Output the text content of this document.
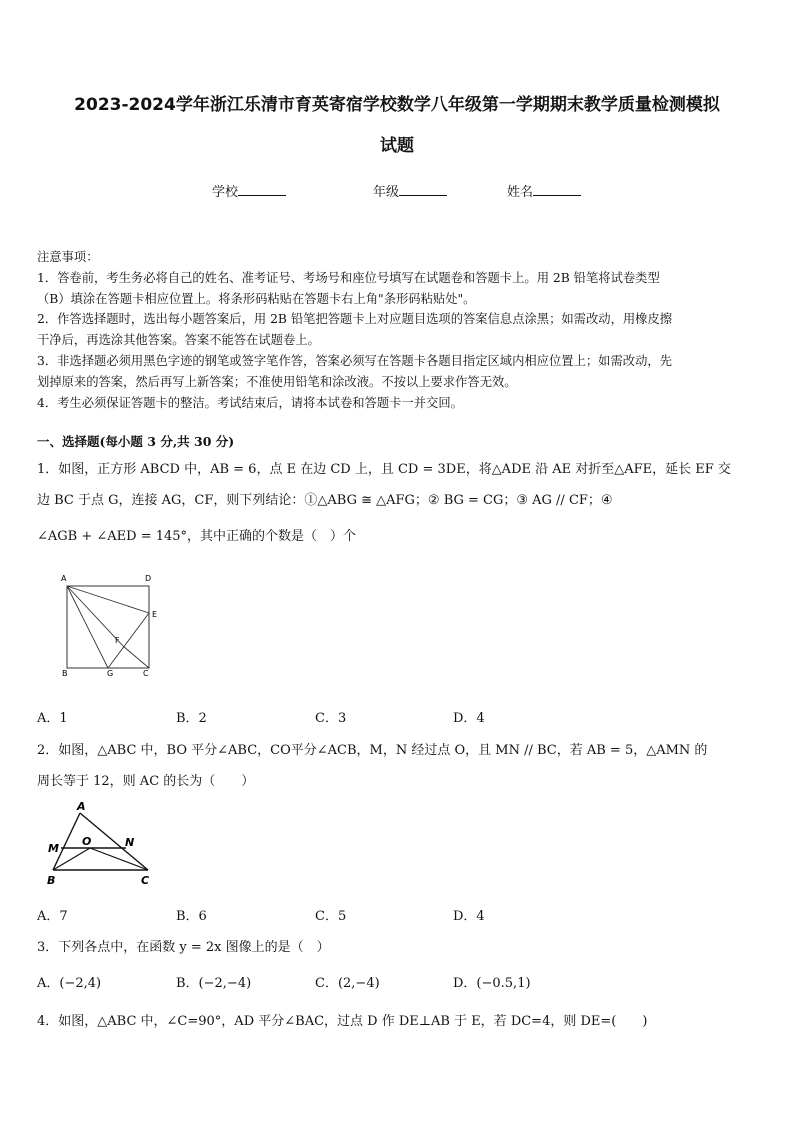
2023-2024学年浙江乐清市育英寄宿学校数学八年级第一学期期末教学质量检测模拟
试题
学校	年级	姓名

注意事项：

1．答卷前，考生务必将自己的姓名、准考证号、考场号和座位号填写在试题卷和答题卡上。用 2B 铅笔将试卷类型

（B）填涂在答题卡相应位置上。将条形码粘贴在答题卡右上角"条形码粘贴处"。

2．作答选择题时，选出每小题答案后，用 2B 铅笔把答题卡上对应题目选项的答案信息点涂黑；如需改动，用橡皮擦

干净后，再选涂其他答案。答案不能答在试题卷上。

3．非选择题必须用黑色字迹的钢笔或签字笔作答，答案必须写在答题卡各题目指定区域内相应位置上；如需改动，先

划掉原来的答案，然后再写上新答案；不准使用铅笔和涂改液。不按以上要求作答无效。

4．考生必须保证答题卡的整洁。考试结束后，请将本试卷和答题卡一并交回。

一、选择题(每小题 3 分,共 30 分)

1．如图，正方形 ABCD 中，AB = 6，点 E 在边 CD 上，且 CD = 3DE，将△ADE 沿 AE 对折至△AFE，延长 EF 交

边 BC 于点 G，连接 AG，CF，则下列结论：①△ABG ≅ △AFG；② BG = CG；③ AG // CF；④

∠AGB + ∠AED = 145°，其中正确的个数是（　）个

A	D
E
F
B	G	C
A．1	B．2	C．3	D．4

2．如图，△ABC 中，BO 平分∠ABC，CO平分∠ACB，M，N 经过点 O，且 MN // BC，若 AB = 5，△AMN 的

周长等于 12，则 AC 的长为（　　）

A
M
O	N
B	C
A．7	B．6	C．5	D．4

3．下列各点中，在函数 y = 2x 图像上的是（　）

A．(−2,4)	B．(−2,−4)	C．(2,−4)	D．(−0.5,1)

4．如图，△ABC 中，∠C=90°，AD 平分∠BAC，过点 D 作 DE⊥AB 于 E，若 DC=4，则 DE=(　　)
